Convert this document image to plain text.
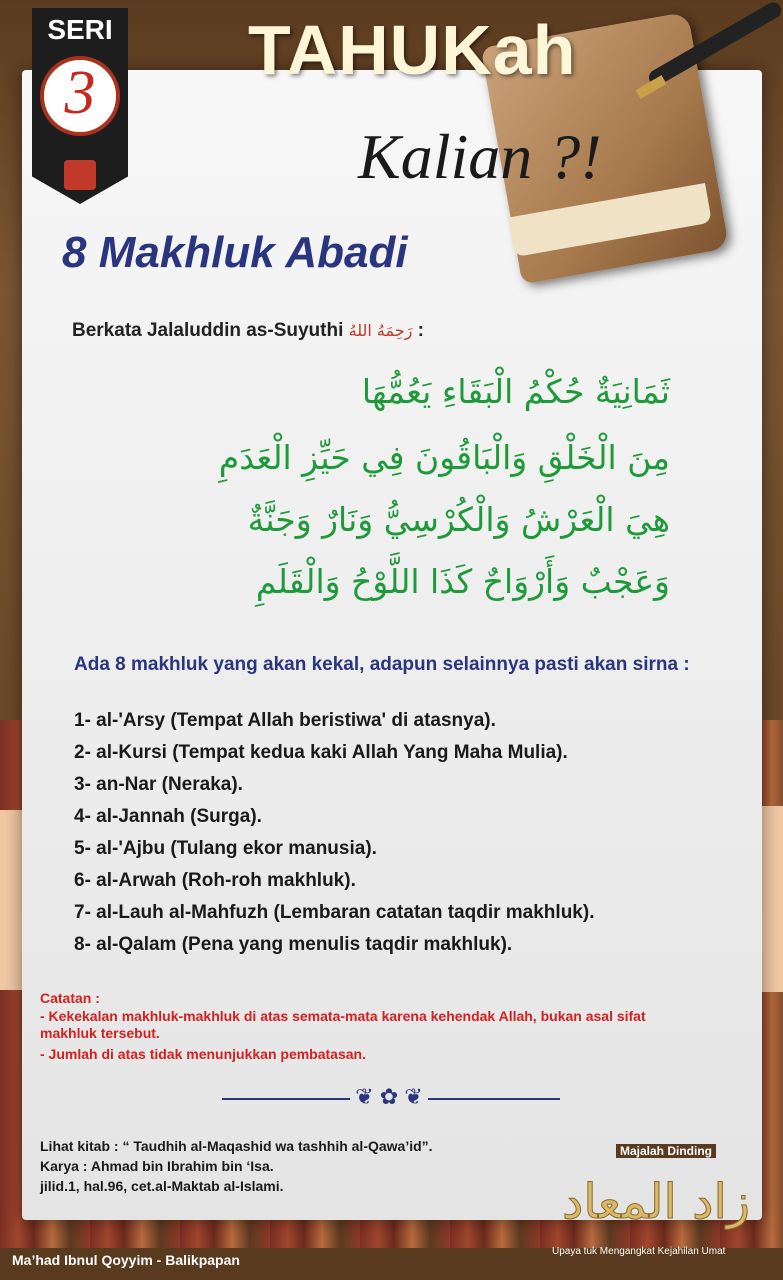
SERI
3
TAHUKah
Kalian ?!
8 Makhluk Abadi
Berkata Jalaluddin as-Suyuthi رَحِمَهُ اللهُ :
ثَمَانِيَةٌ حُكْمُ الْبَقَاءِ يَعُمُّهَا
مِنَ الْخَلْقِ وَالْبَاقُونَ فِي حَيِّزِ الْعَدَمِ
هِيَ الْعَرْشُ وَالْكُرْسِيُّ وَنَارٌ وَجَنَّةٌ
وَعَجْبٌ وَأَرْوَاحٌ كَذَا اللَّوْحُ وَالْقَلَمِ
Ada 8 makhluk yang akan kekal, adapun selainnya pasti akan sirna :
1- al-'Arsy (Tempat Allah beristiwa' di atasnya).
2- al-Kursi (Tempat kedua kaki Allah Yang Maha Mulia).
3- an-Nar (Neraka).
4- al-Jannah (Surga).
5- al-'Ajbu (Tulang ekor manusia).
6- al-Arwah (Roh-roh makhluk).
7- al-Lauh al-Mahfuzh (Lembaran catatan taqdir makhluk).
8- al-Qalam (Pena yang menulis taqdir makhluk).
Catatan :
- Kekekalan makhluk-makhluk di atas semata-mata karena kehendak Allah, bukan asal sifat makhluk tersebut.
- Jumlah di atas tidak menunjukkan pembatasan.
❦ ✿ ❦
Lihat kitab : “ Taudhih al-Maqashid wa tashhih al-Qawa’id”.
Karya : Ahmad bin Ibrahim bin ‘Isa.
jilid.1, hal.96, cet.al-Maktab al-Islami.
Majalah Dinding
زاد المعاد
Upaya tuk Mengangkat Kejahilan Umat
Ma’had Ibnul Qoyyim - Balikpapan
